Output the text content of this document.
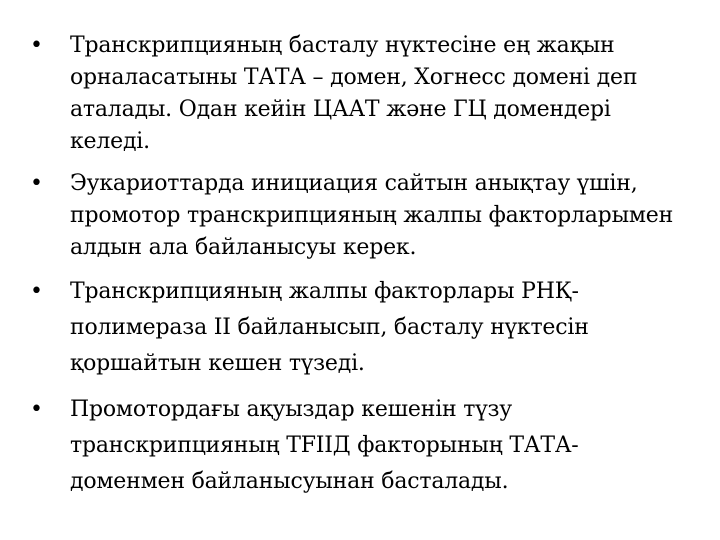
• Транскрипцияның басталу нүктесіне ең жақын орналасатыны ТАТА – домен, Хогнесс домені деп аталады. Одан кейін ЦААТ және ГЦ домендері келеді.
• Эукариоттарда инициация сайтын анықтау үшін, промотор транскрипцияның жалпы факторларымен алдын ала байланысуы керек.
• Транскрипцияның жалпы факторлары РНҚ-полимераза II байланысып, басталу нүктесін қоршайтын кешен түзеді.
• Промотордағы ақуыздар кешенін түзу транскрипцияның ТFIIД факторының ТАТА-доменмен байланысуынан басталады.
